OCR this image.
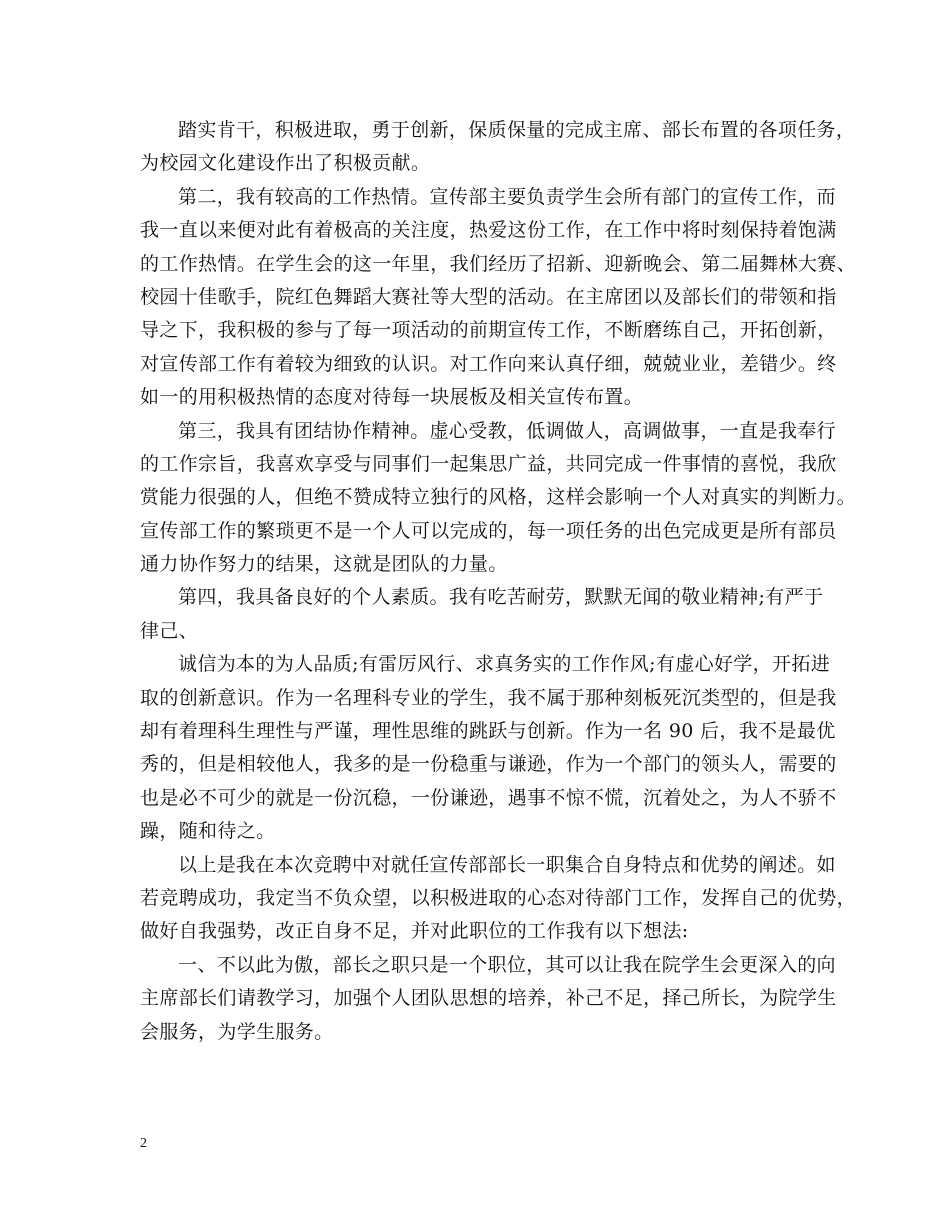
踏实肯干，积极进取，勇于创新，保质保量的完成主席、部长布置的各项任务，
为校园文化建设作出了积极贡献。
第二，我有较高的工作热情。宣传部主要负责学生会所有部门的宣传工作，而
我一直以来便对此有着极高的关注度，热爱这份工作，在工作中将时刻保持着饱满
的工作热情。在学生会的这一年里，我们经历了招新、迎新晚会、第二届舞林大赛、
校园十佳歌手，院红色舞蹈大赛社等大型的活动。在主席团以及部长们的带领和指
导之下，我积极的参与了每一项活动的前期宣传工作，不断磨练自己，开拓创新，
对宣传部工作有着较为细致的认识。对工作向来认真仔细，兢兢业业，差错少。终
如一的用积极热情的态度对待每一块展板及相关宣传布置。
第三，我具有团结协作精神。虚心受教，低调做人，高调做事，一直是我奉行
的工作宗旨，我喜欢享受与同事们一起集思广益，共同完成一件事情的喜悦，我欣
赏能力很强的人，但绝不赞成特立独行的风格，这样会影响一个人对真实的判断力。
宣传部工作的繁琐更不是一个人可以完成的，每一项任务的出色完成更是所有部员
通力协作努力的结果，这就是团队的力量。
第四，我具备良好的个人素质。我有吃苦耐劳，默默无闻的敬业精神;有严于
律己、
诚信为本的为人品质;有雷厉风行、求真务实的工作作风;有虚心好学，开拓进
取的创新意识。作为一名理科专业的学生，我不属于那种刻板死沉类型的，但是我
却有着理科生理性与严谨，理性思维的跳跃与创新。作为一名 90 后，我不是最优
秀的，但是相较他人，我多的是一份稳重与谦逊，作为一个部门的领头人，需要的
也是必不可少的就是一份沉稳，一份谦逊，遇事不惊不慌，沉着处之，为人不骄不
躁，随和待之。
以上是我在本次竞聘中对就任宣传部部长一职集合自身特点和优势的阐述。如
若竞聘成功，我定当不负众望，以积极进取的心态对待部门工作，发挥自己的优势，
做好自我强势，改正自身不足，并对此职位的工作我有以下想法:
一、不以此为傲，部长之职只是一个职位，其可以让我在院学生会更深入的向
主席部长们请教学习，加强个人团队思想的培养，补己不足，择己所长，为院学生
会服务，为学生服务。
2
